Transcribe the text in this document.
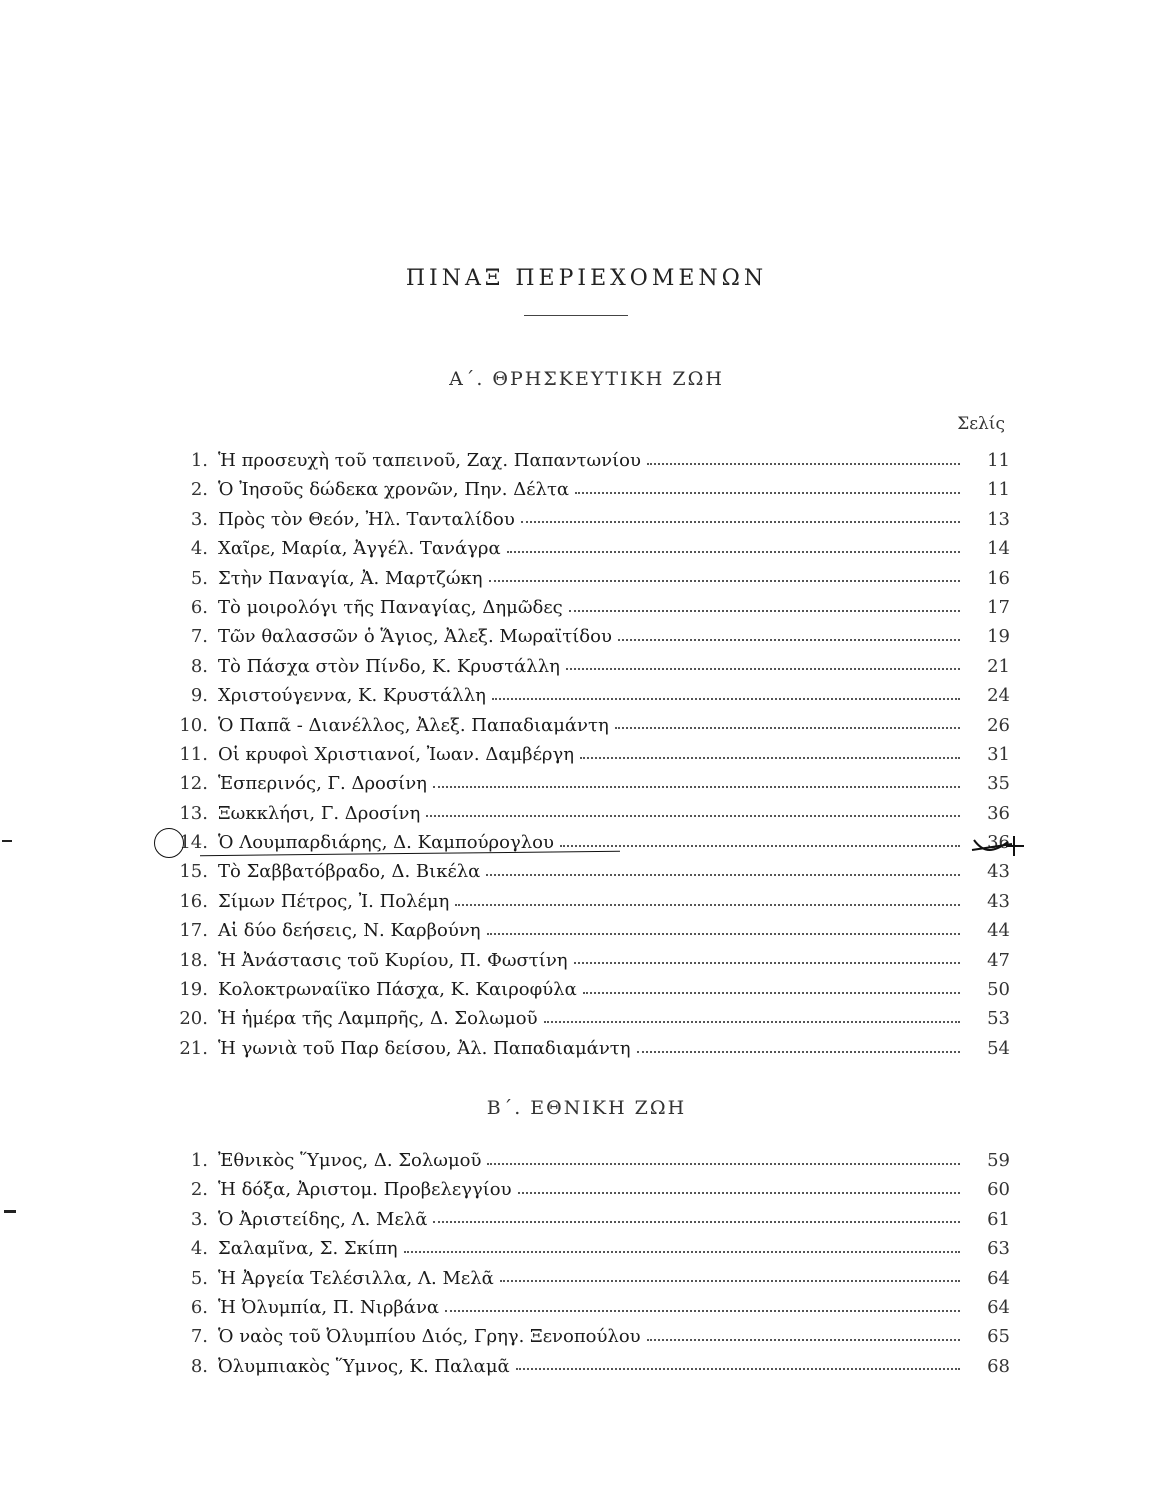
ΠΙΝΑΞ ΠΕΡΙΕΧΟΜΕΝΩΝ
Α΄. ΘΡΗΣΚΕΥΤΙΚΗ ΖΩΗ
Σελίς
1. Ἡ προσευχὴ τοῦ ταπεινοῦ, Ζαχ. Παπαντωνίου	11
2. Ὁ Ἰησοῦς δώδεκα χρονῶν, Πην. Δέλτα	11
3. Πρὸς τὸν Θεόν, Ἠλ. Τανταλίδου	13
4. Χαῖρε, Μαρία, Ἀγγέλ. Τανάγρα	14
5. Στὴν Παναγία, Ἀ. Μαρτζώκη	16
6. Τὸ μοιρολόγι τῆς Παναγίας, Δημῶδες	17
7. Τῶν θαλασσῶν ὁ Ἅγιος, Ἀλεξ. Μωραϊτίδου	19
8. Τὸ Πάσχα στὸν Πίνδο, Κ. Κρυστάλλη	21
9. Χριστούγεννα, Κ. Κρυστάλλη	24
10. Ὁ Παπᾶ - Διανέλλος, Ἀλεξ. Παπαδιαμάντη	26
11. Οἱ κρυφοὶ Χριστιανοί, Ἰωαν. Δαμβέργη	31
12. Ἑσπερινός, Γ. Δροσίνη	35
13. Ξωκκλήσι, Γ. Δροσίνη	36
14. Ὁ Λουμπαρδιάρης, Δ. Καμπούρογλου	36
15. Τὸ Σαββατόβραδο, Δ. Βικέλα	43
16. Σίμων Πέτρος, Ἰ. Πολέμη	43
17. Αἱ δύο δεήσεις, Ν. Καρβούνη	44
18. Ἡ Ἀνάστασις τοῦ Κυρίου, Π. Φωστίνη	47
19. Κολοκτρωναίϊκο Πάσχα, Κ. Καιροφύλα	50
20. Ἡ ἡμέρα τῆς Λαμπρῆς, Δ. Σολωμοῦ	53
21. Ἡ γωνιὰ τοῦ Παρ δείσου, Ἀλ. Παπαδιαμάντη	54
Β΄. ΕΘΝΙΚΗ ΖΩΗ
1. Ἐθνικὸς Ὕμνος, Δ. Σολωμοῦ	59
2. Ἡ δόξα, Ἀριστομ. Προβελεγγίου	60
3. Ὁ Ἀριστείδης, Λ. Μελᾶ	61
4. Σαλαμῖνα, Σ. Σκίπη	63
5. Ἡ Ἀργεία Τελέσιλλα, Λ. Μελᾶ	64
6. Ἡ Ὀλυμπία, Π. Νιρβάνα	64
7. Ὁ ναὸς τοῦ Ὀλυμπίου Διός, Γρηγ. Ξενοπούλου	65
8. Ὀλυμπιακὸς Ὕμνος, Κ. Παλαμᾶ	68
